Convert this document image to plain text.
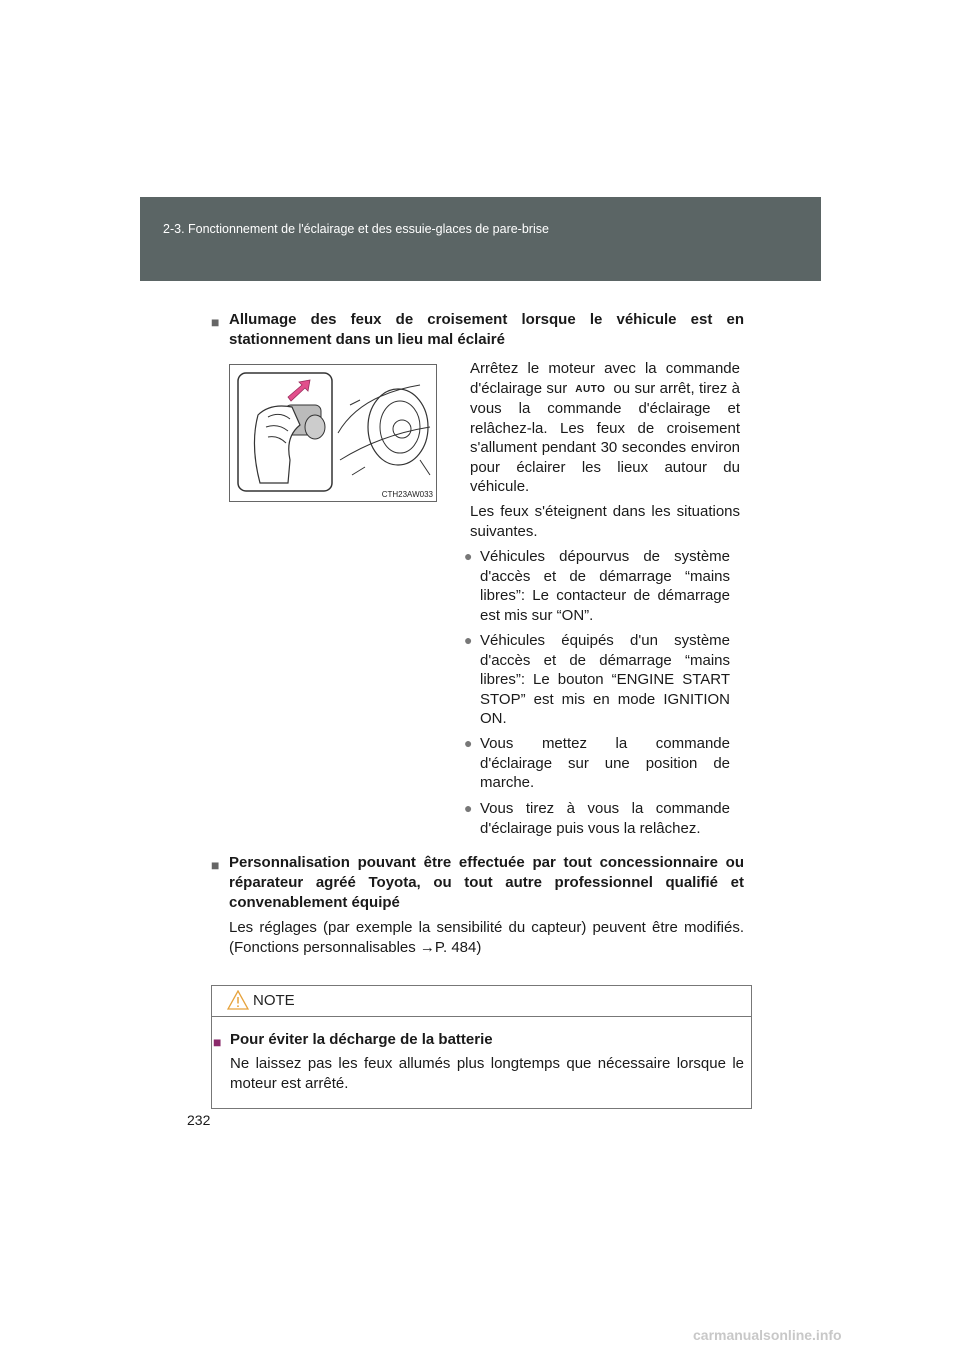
2-3. Fonctionnement de l'éclairage et des essuie-glaces de pare-brise
■ Allumage des feux de croisement lorsque le véhicule est en stationnement dans un lieu mal éclairé
CTH23AW033
Arrêtez le moteur avec la commande d'éclairage sur AUTO ou sur arrêt, tirez à vous la commande d'éclairage et relâchez-la. Les feux de croisement s'allument pendant 30 secondes environ pour éclairer les lieux autour du véhicule.
Les feux s'éteignent dans les situations suivantes.
● Véhicules dépourvus de système d'accès et de démarrage “mains libres”: Le contacteur de démarrage est mis sur “ON”.
● Véhicules équipés d'un système d'accès et de démarrage “mains libres”: Le bouton “ENGINE START STOP” est mis en mode IGNITION ON.
● Vous mettez la commande d'éclairage sur une position de marche.
● Vous tirez à vous la commande d'éclairage puis vous la relâchez.
■ Personnalisation pouvant être effectuée par tout concessionnaire ou réparateur agréé Toyota, ou tout autre professionnel qualifié et convenablement équipé
Les réglages (par exemple la sensibilité du capteur) peuvent être modifiés. (Fonctions personnalisables →P. 484)
NOTE
■ Pour éviter la décharge de la batterie
Ne laissez pas les feux allumés plus longtemps que nécessaire lorsque le moteur est arrêté.
232
carmanualsonline.info
